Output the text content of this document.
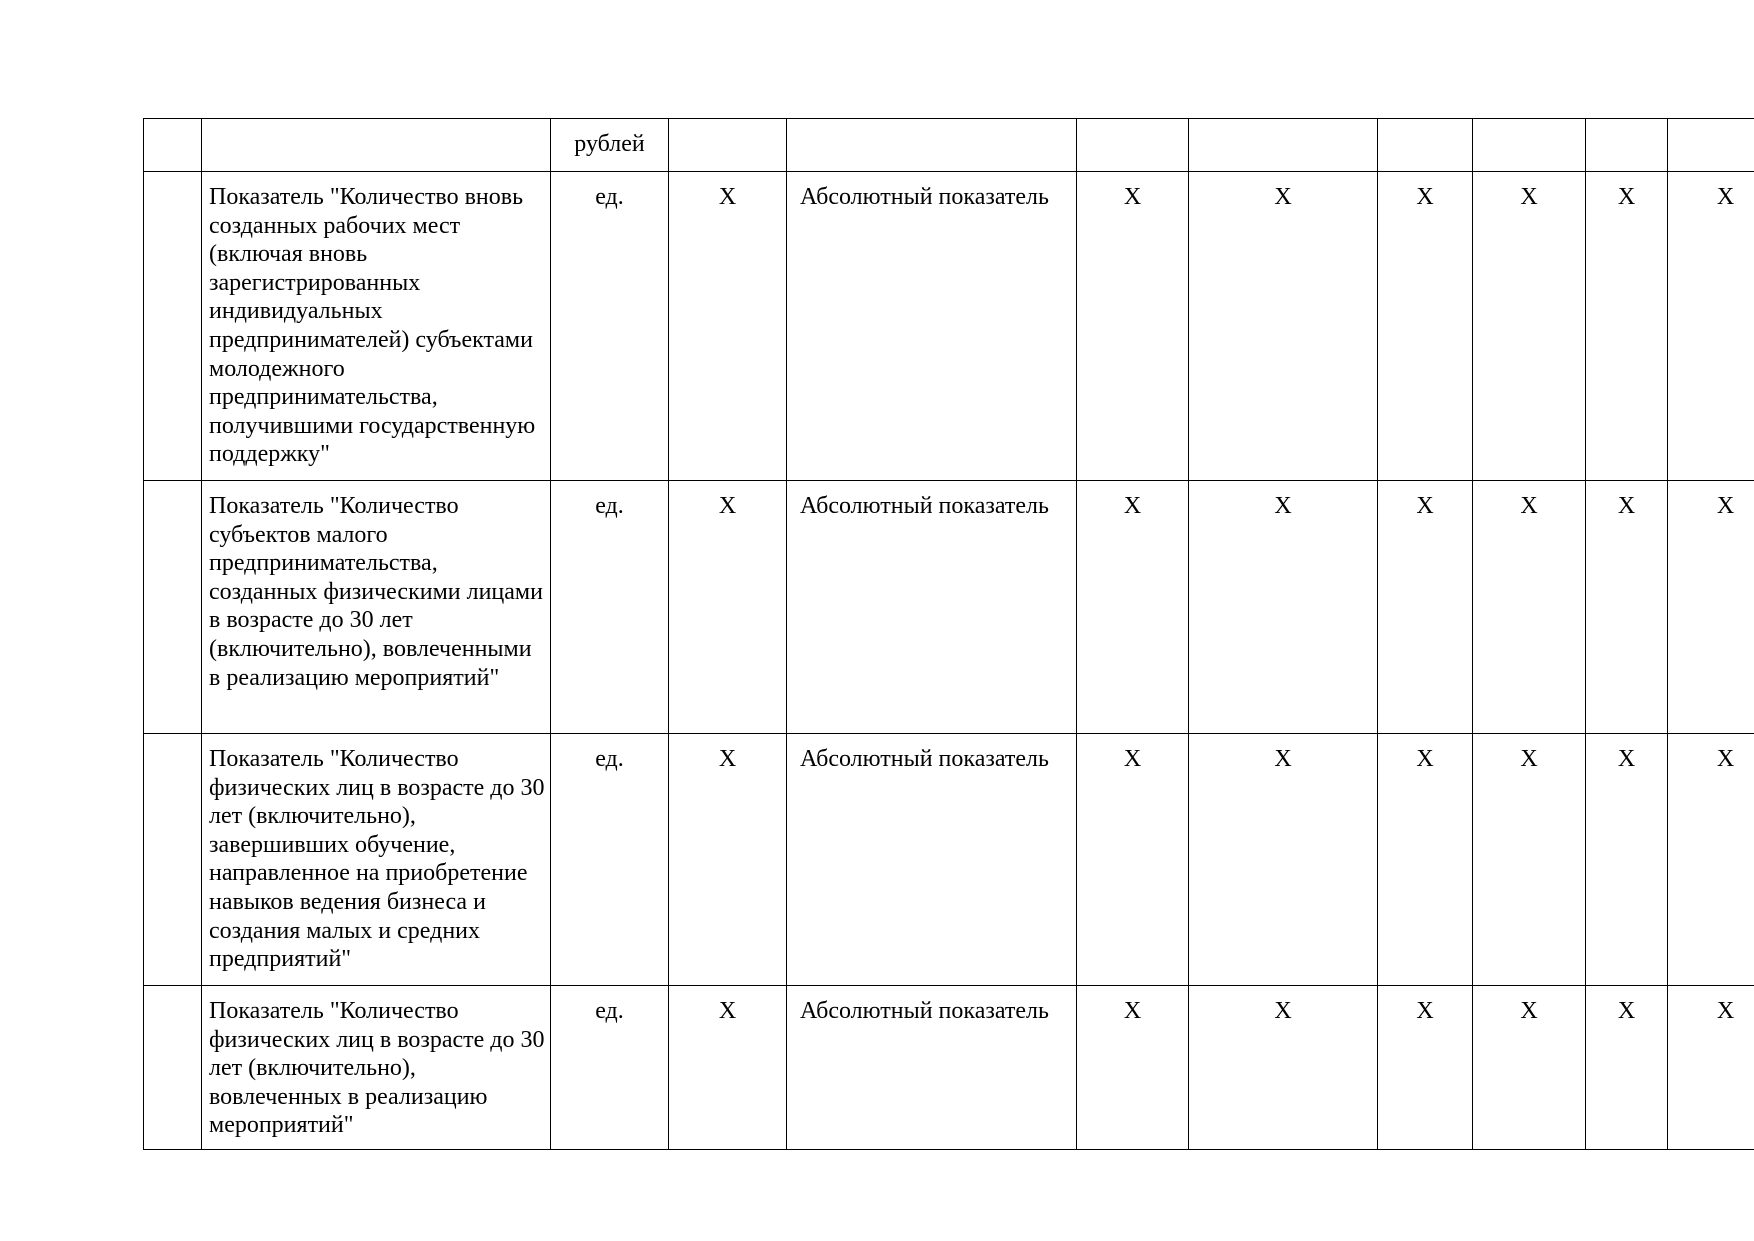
		рублей								

	Показатель "Количество вновь созданных рабочих мест (включая вновь зарегистрированных индивидуальных предпринимателей) субъектами молодежного предпринимательства, получившими государственную поддержку"	ед.	X	Абсолютный показатель	X	X	X	X	X	X

	Показатель "Количество субъектов малого предпринимательства, созданных физическими лицами в возрасте до 30 лет (включительно), вовлеченными в реализацию мероприятий"	ед.	X	Абсолютный показатель	X	X	X	X	X	X

	Показатель "Количество физических лиц в возрасте до 30 лет (включительно), завершивших обучение, направленное на приобретение навыков ведения бизнеса и создания малых и средних предприятий"	ед.	X	Абсолютный показатель	X	X	X	X	X	X

	Показатель "Количество физических лиц в возрасте до 30 лет (включительно), вовлеченных в реализацию мероприятий"	ед.	X	Абсолютный показатель	X	X	X	X	X	X
